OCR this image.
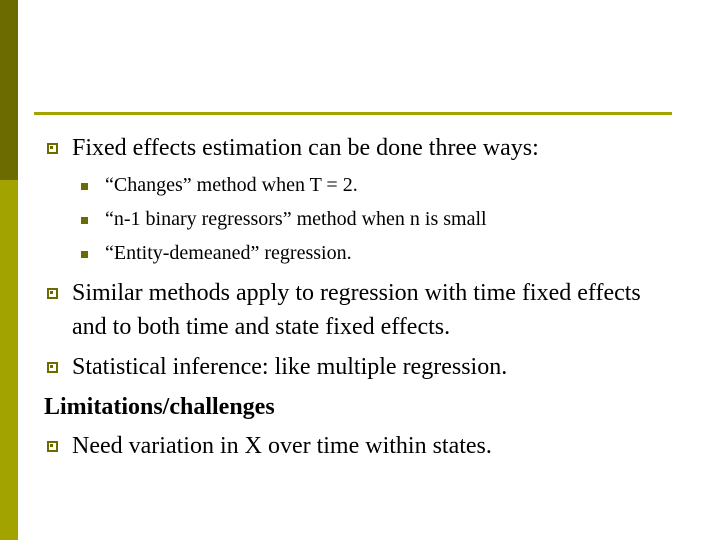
Fixed effects estimation can be done three ways:
“Changes” method when T = 2.
“n-1 binary regressors” method when n is small
“Entity-demeaned” regression.
Similar methods apply to regression with time fixed effects and to both time and state fixed effects.
Statistical inference: like multiple regression.
Limitations/challenges
Need variation in X over time within states.
